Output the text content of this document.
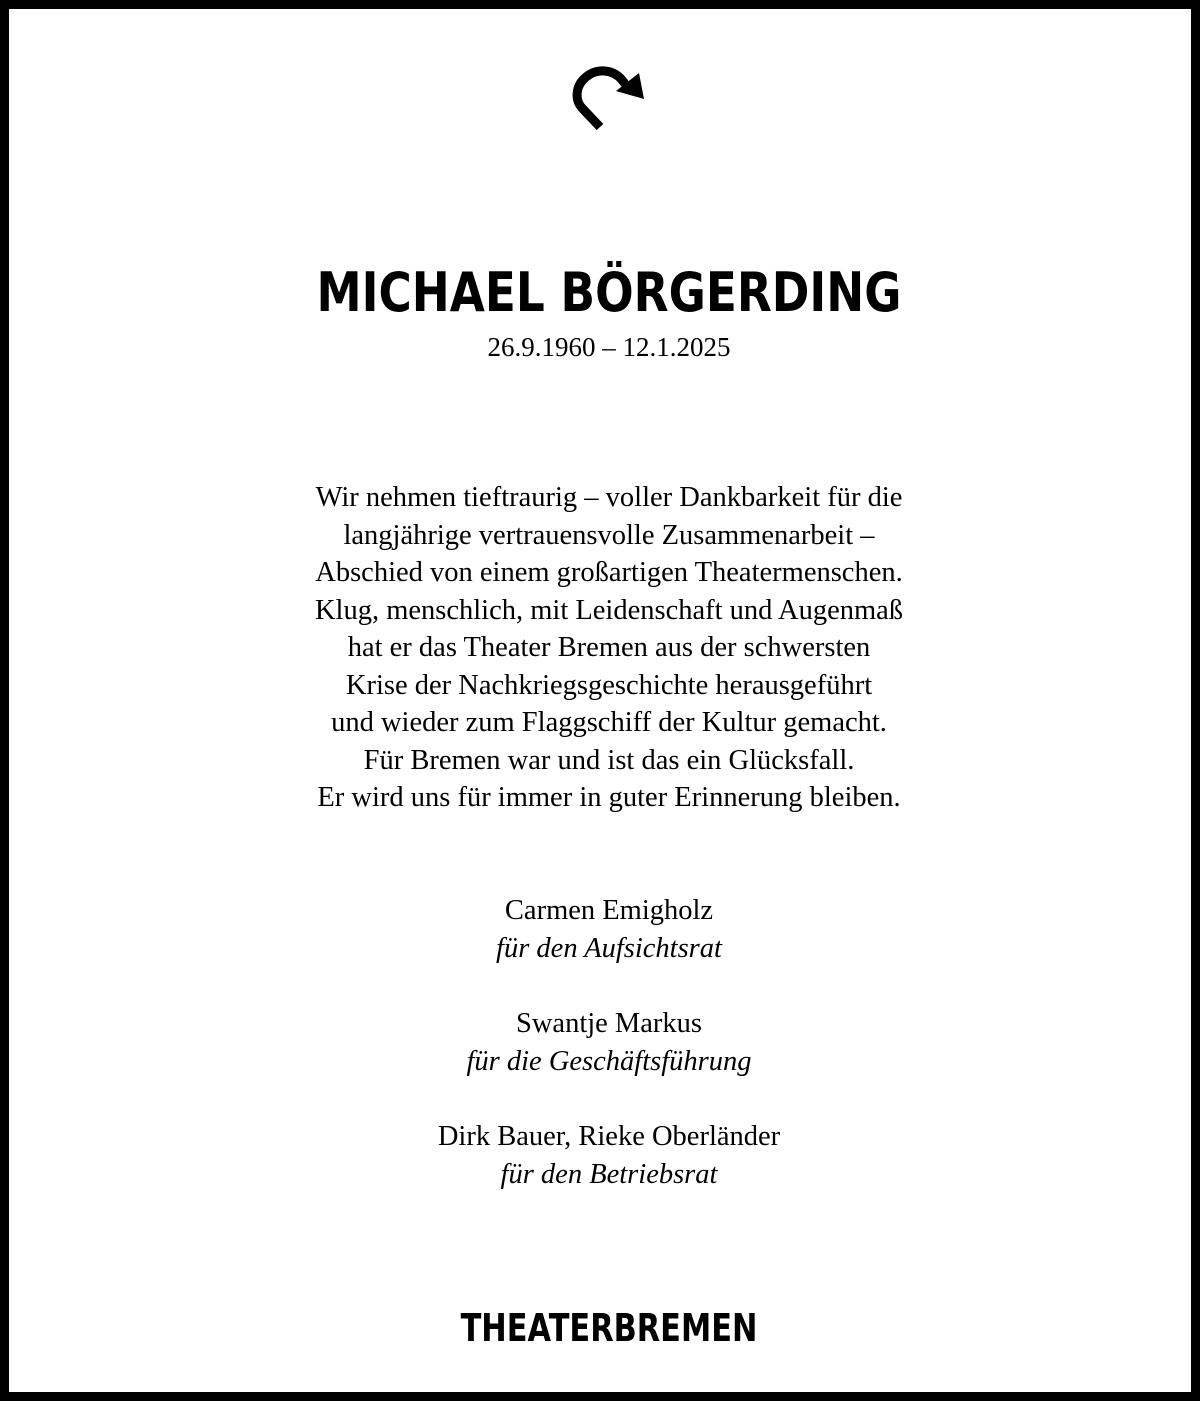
MICHAEL BÖRGERDING
26.9.1960 – 12.1.2025
Wir nehmen tieftraurig – voller Dankbarkeit für die
langjährige vertrauensvolle Zusammenarbeit –
Abschied von einem großartigen Theatermenschen.
Klug, menschlich, mit Leidenschaft und Augenmaß
hat er das Theater Bremen aus der schwersten
Krise der Nachkriegsgeschichte herausgeführt
und wieder zum Flaggschiff der Kultur gemacht.
Für Bremen war und ist das ein Glücksfall.
Er wird uns für immer in guter Erinnerung bleiben.
Carmen Emigholz
für den Aufsichtsrat
Swantje Markus
für die Geschäftsführung
Dirk Bauer, Rieke Oberländer
für den Betriebsrat
THEATERBREMEN
